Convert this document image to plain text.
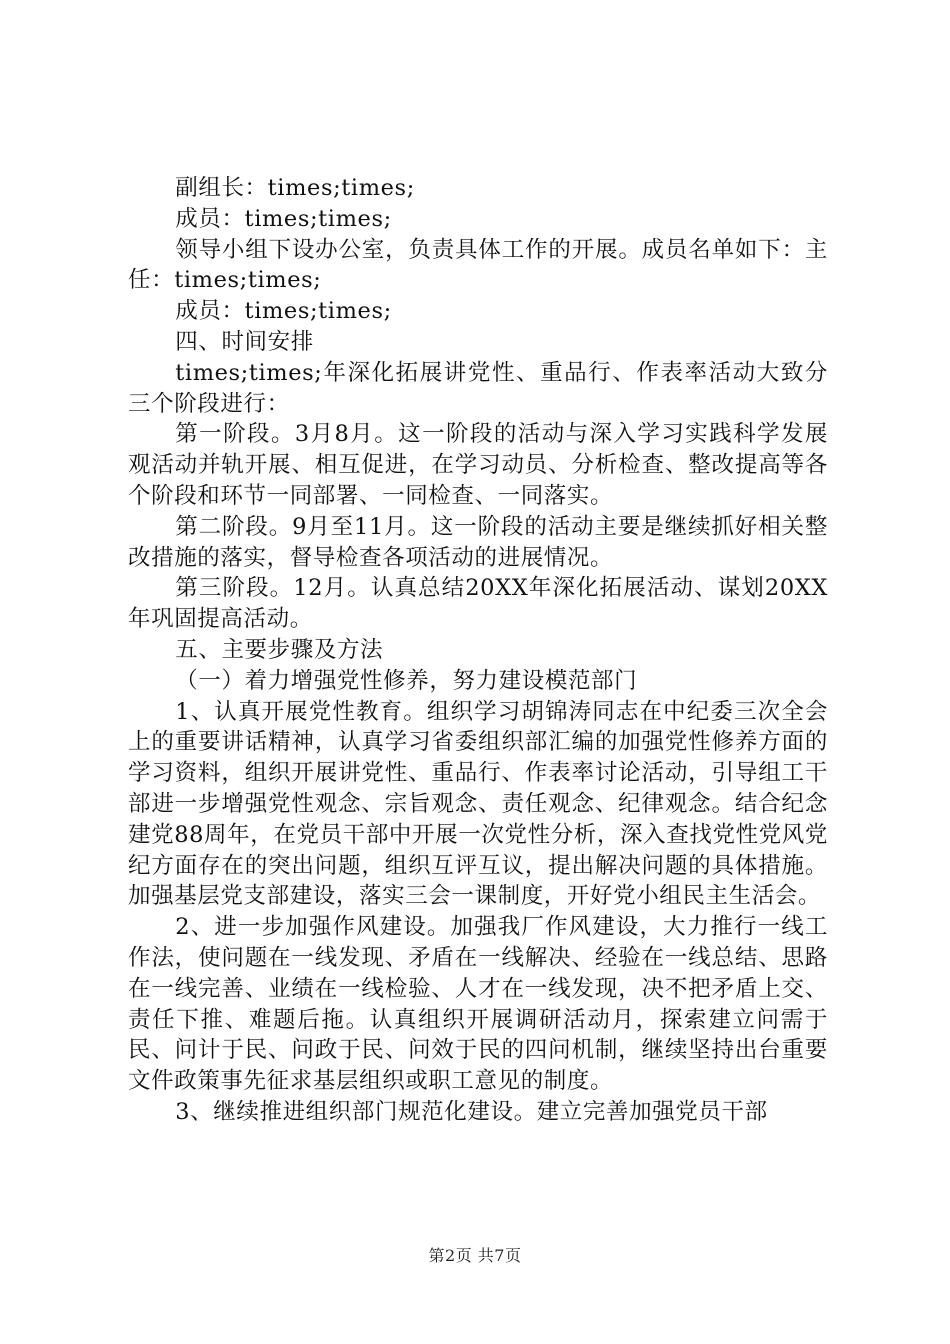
副组长：times;times;

成员：times;times;

领导小组下设办公室，负责具体工作的开展。成员名单如下：主任：times;times;

成员：times;times;

四、时间安排

times;times;年深化拓展讲党性、重品行、作表率活动大致分三个阶段进行：

第一阶段。3月8月。这一阶段的活动与深入学习实践科学发展观活动并轨开展、相互促进，在学习动员、分析检查、整改提高等各个阶段和环节一同部署、一同检查、一同落实。

第二阶段。9月至11月。这一阶段的活动主要是继续抓好相关整改措施的落实，督导检查各项活动的进展情况。

第三阶段。12月。认真总结20XX年深化拓展活动、谋划20XX年巩固提高活动。

五、主要步骤及方法

（一）着力增强党性修养，努力建设模范部门

1、认真开展党性教育。组织学习胡锦涛同志在中纪委三次全会上的重要讲话精神，认真学习省委组织部汇编的加强党性修养方面的学习资料，组织开展讲党性、重品行、作表率讨论活动，引导组工干部进一步增强党性观念、宗旨观念、责任观念、纪律观念。结合纪念建党88周年，在党员干部中开展一次党性分析，深入查找党性党风党纪方面存在的突出问题，组织互评互议，提出解决问题的具体措施。加强基层党支部建设，落实三会一课制度，开好党小组民主生活会。

2、进一步加强作风建设。加强我厂作风建设，大力推行一线工作法，使问题在一线发现、矛盾在一线解决、经验在一线总结、思路在一线完善、业绩在一线检验、人才在一线发现，决不把矛盾上交、责任下推、难题后拖。认真组织开展调研活动月，探索建立问需于民、问计于民、问政于民、问效于民的四问机制，继续坚持出台重要文件政策事先征求基层组织或职工意见的制度。

3、继续推进组织部门规范化建设。建立完善加强党员干部

第2页 共7页
